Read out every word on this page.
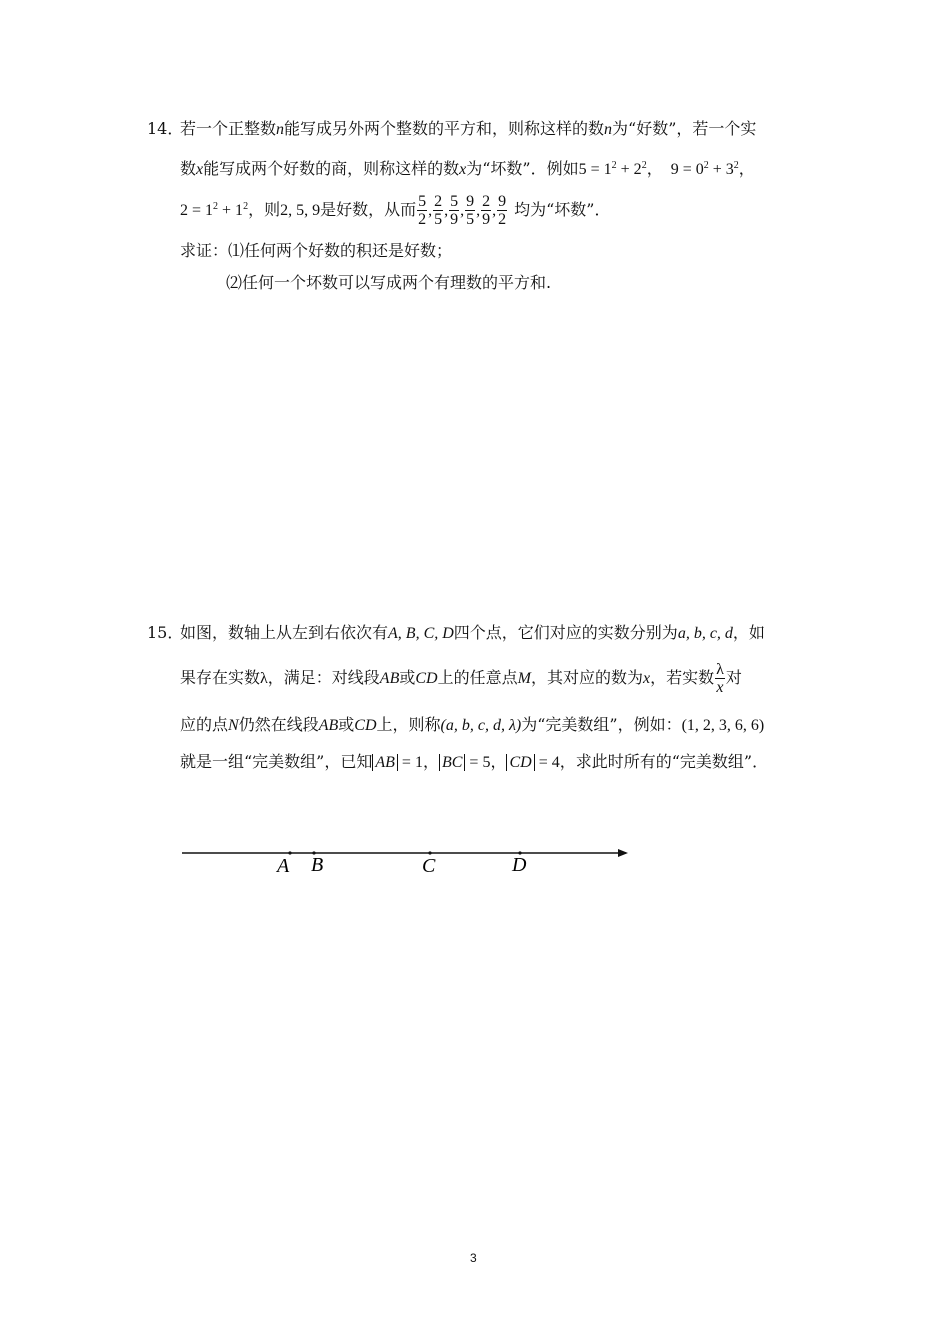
14．
若一个正整数n能写成另外两个整数的平方和，则称这样的数n为“好数”，若一个实
数x能写成两个好数的商，则称这样的数x为“坏数”．例如$5 = 1^2 + 2^2$， $9 = 0^2 + 3^2$，
$2 = 1^2 + 1^2$，则2, 5, 9是好数，从而 $\frac{5}{2}$ , $\frac{2}{5}$ , $\frac{5}{9}$ , $\frac{9}{5}$ , $\frac{2}{9}$ , $\frac{9}{2}$ 均为“坏数”．
求证：⑴任何两个好数的积还是好数；
⑵任何一个坏数可以写成两个有理数的平方和.
15．
如图，数轴上从左到右依次有A, B, C, D四个点，它们对应的实数分别为a, b, c, d，如
果存在实数λ，满足：对线段AB或CD上的任意点M，其对应的数为x，若实数 $\frac{\lambda}{x}$ 对
应的点N仍然在线段AB或CD上，则称(a, b, c, d, λ)为“完美数组”，例如：(1, 2, 3, 6, 6)
就是一组“完美数组”，已知 AB = 1， BC = 5， CD = 4，求此时所有的“完美数组”．
A B	C	D
3
